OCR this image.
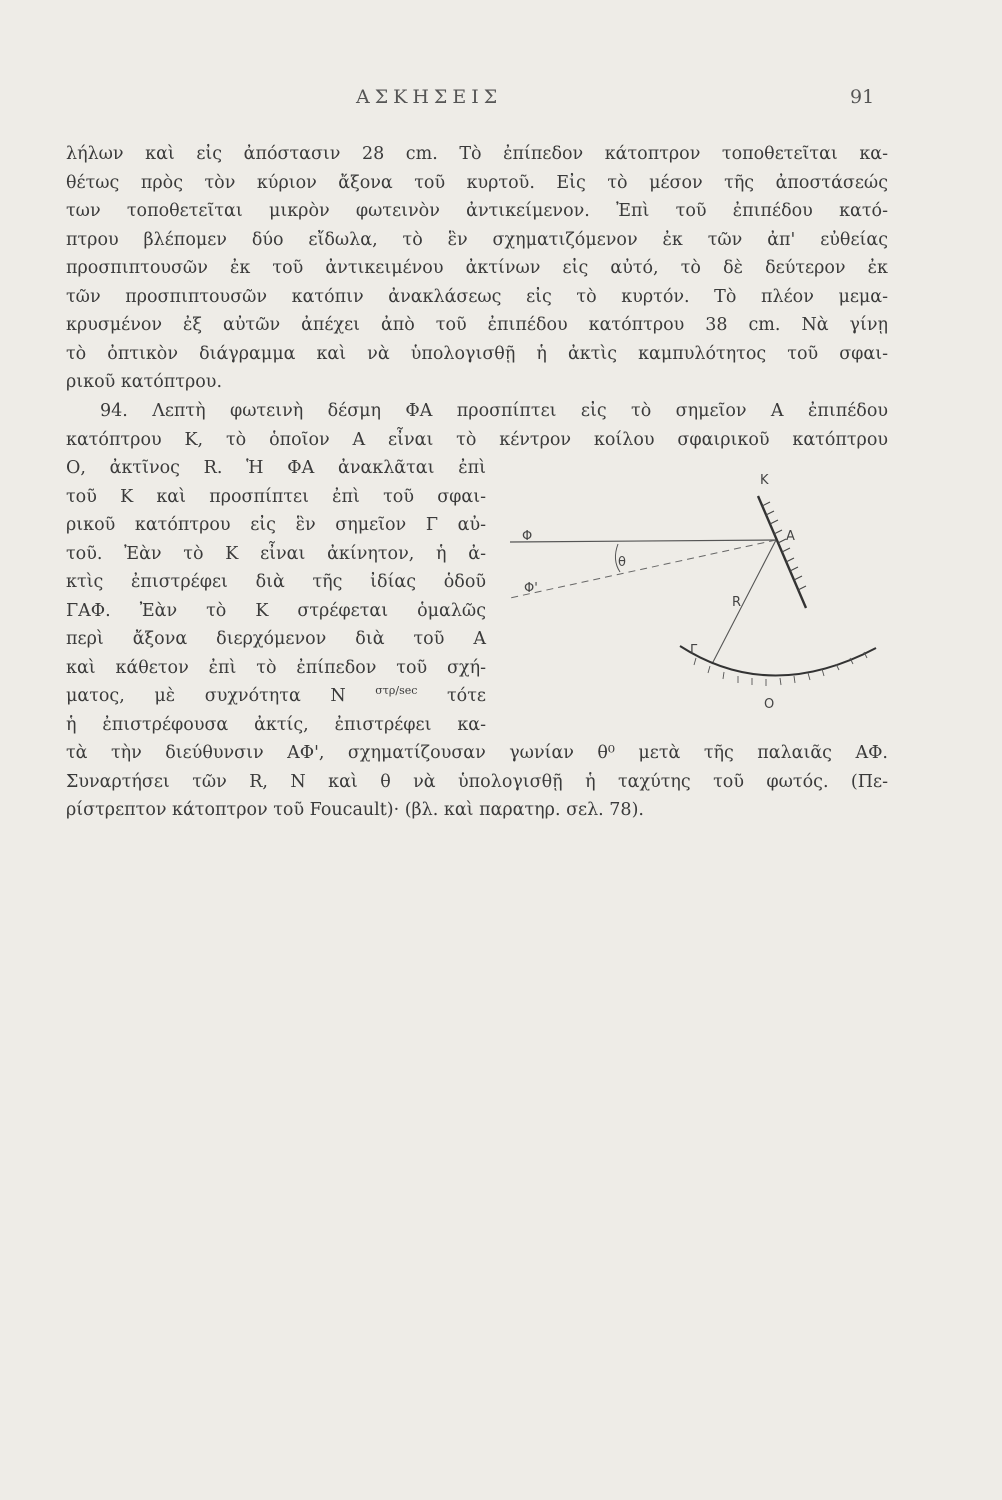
ΑΣΚΗΣΕΙΣ	91
λήλων καὶ εἰς ἀπόστασιν 28 cm. Τὸ ἐπίπεδον κάτοπτρον τοποθετεῖται κα-
θέτως πρὸς τὸν κύριον ἄξονα τοῦ κυρτοῦ. Εἰς τὸ μέσον τῆς ἀποστάσεώς
των τοποθετεῖται μικρὸν φωτεινὸν ἀντικείμενον. Ἐπὶ τοῦ ἐπιπέδου κατό-
πτρου βλέπομεν δύο εἴδωλα, τὸ ἓν σχηματιζόμενον ἐκ τῶν ἀπ' εὐθείας
προσπιπτουσῶν ἐκ τοῦ ἀντικειμένου ἀκτίνων εἰς αὐτό, τὸ δὲ δεύτερον ἐκ
τῶν προσπιπτουσῶν κατόπιν ἀνακλάσεως εἰς τὸ κυρτόν. Τὸ πλέον μεμα-
κρυσμένον ἐξ αὐτῶν ἀπέχει ἀπὸ τοῦ ἐπιπέδου κατόπτρου 38 cm. Νὰ γίνῃ
τὸ ὀπτικὸν διάγραμμα καὶ νὰ ὑπολογισθῇ ἡ ἀκτὶς καμπυλότητος τοῦ σφαι-
ρικοῦ κατόπτρου.
94. Λεπτὴ φωτεινὴ δέσμη ΦΑ προσπίπτει εἰς τὸ σημεῖον Α ἐπιπέδου
κατόπτρου Κ, τὸ ὁποῖον Α εἶναι τὸ κέντρον κοίλου σφαιρικοῦ κατόπτρου
Ο, ἀκτῖνος R. Ἡ ΦΑ ἀνακλᾶται ἐπὶ
τοῦ Κ καὶ προσπίπτει ἐπὶ τοῦ σφαι-
ρικοῦ κατόπτρου εἰς ἓν σημεῖον Γ αὐ-
τοῦ. Ἐὰν τὸ Κ εἶναι ἀκίνητον, ἡ ἀ-
κτὶς ἐπιστρέφει διὰ τῆς ἰδίας ὁδοῦ
ΓΑΦ. Ἐὰν τὸ Κ στρέφεται ὁμαλῶς
περὶ ἄξονα διερχόμενον διὰ τοῦ Α
καὶ κάθετον ἐπὶ τὸ ἐπίπεδον τοῦ σχή-
ματος, μὲ συχνότητα N	$^{\sigma\tau\rho/sec}$ τότε
ἡ ἐπιστρέφουσα ἀκτίς, ἐπιστρέφει κα-
τὰ τὴν διεύθυνσιν ΑΦ', σχηματίζουσαν γωνίαν θ⁰ μετὰ τῆς παλαιᾶς ΑΦ.
Συναρτήσει τῶν R, N καὶ θ νὰ ὑπολογισθῇ ἡ ταχύτης τοῦ φωτός. (Πε-
ρίστρεπτον κάτοπτρον τοῦ Foucault)· (βλ. καὶ παρατηρ. σελ. 78).
K
A
Φ
Φ'
θ
R
Γ
O
